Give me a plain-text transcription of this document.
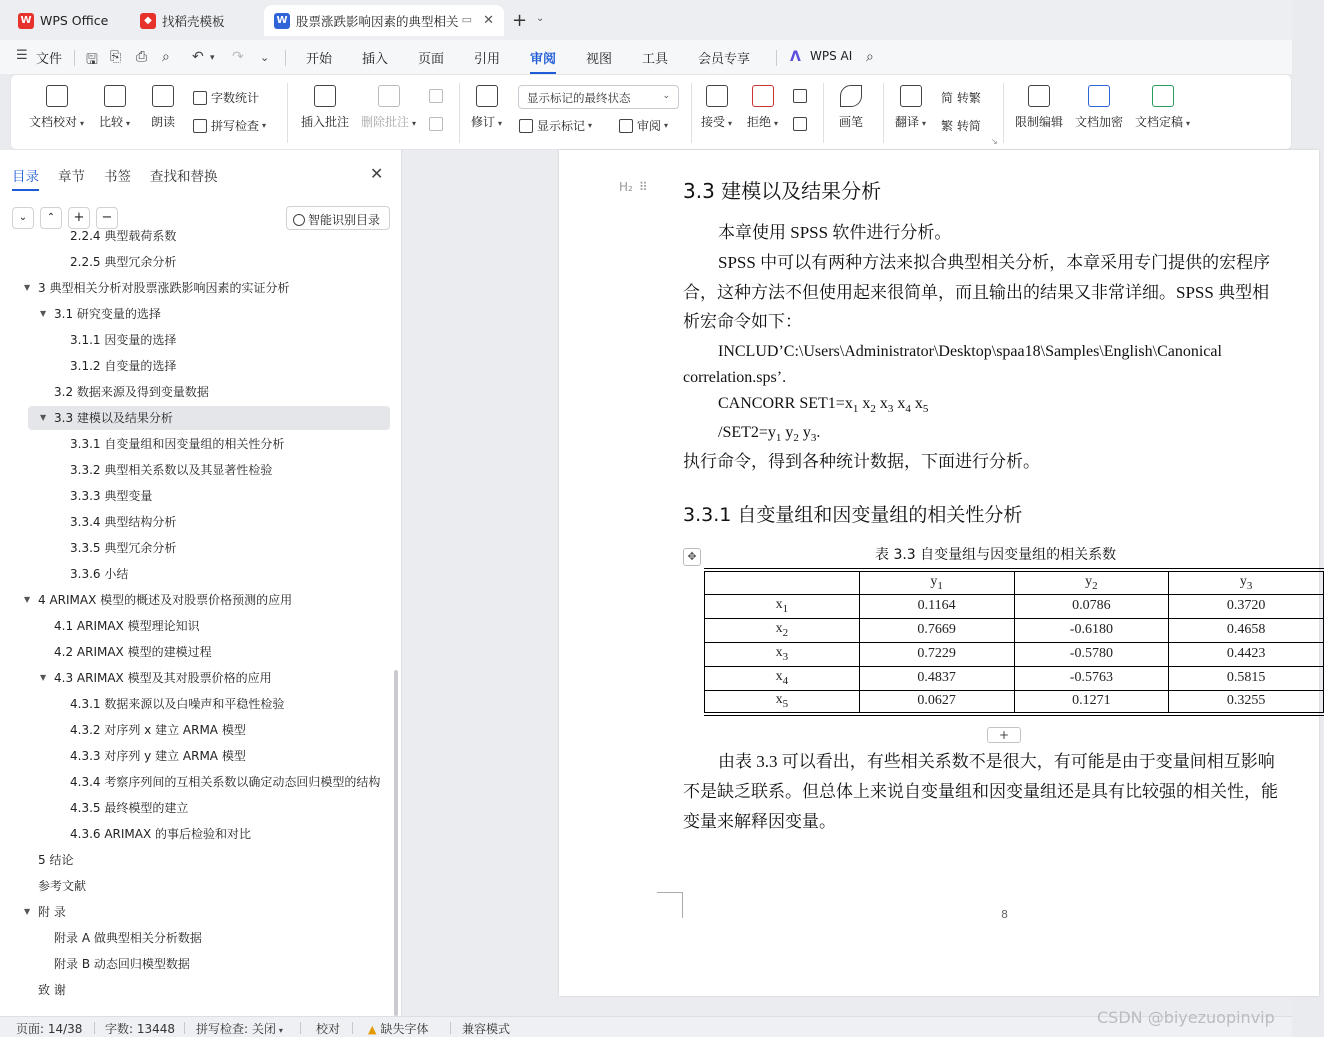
W WPS Office	◆ 找稻壳模板	W 股票涨跌影响因素的典型相关 ▭ ✕ + ⌄
☰ 文件 🖫 ⎘ ⎙ ⌕ ↶ ▾ ↷ ⌄	开始 插入 页面 引用 审阅 视图 工具 会员专享	ᐱ WPS AI ⌕
文档校对 ▾ 比较 ▾ 朗读
字数统计
拼写检查 ▾	插入批注 删除批注 ▾	修订 ▾
显示标记的最终状态	⌄
显示标记 ▾	审阅 ▾	接受 ▾ 拒绝 ▾	画笔	翻译 ▾
简 转繁
繁 转简
↘
限制编辑 文档加密 文档定稿 ▾
目录 章节 书签 查找和替换	✕
⌄	⌃	+	−	智能识别目录
2.2.4 典型载荷系数
2.2.5 典型冗余分析
▼ 3 典型相关分析对股票涨跌影响因素的实证分析
▼ 3.1 研究变量的选择
3.1.1 因变量的选择
3.1.2 自变量的选择
3.2 数据来源及得到变量数据
▼ 3.3 建模以及结果分析
3.3.1 自变量组和因变量组的相关性分析
3.3.2 典型相关系数以及其显著性检验
3.3.3 典型变量
3.3.4 典型结构分析
3.3.5 典型冗余分析
3.3.6 小结
▼ 4 ARIMAX 模型的概述及对股票价格预测的应用
4.1 ARIMAX 模型理论知识
4.2 ARIMAX 模型的建模过程
▼ 4.3 ARIMAX 模型及其对股票价格的应用
4.3.1 数据来源以及白噪声和平稳性检验
4.3.2 对序列 x 建立 ARMA 模型
4.3.3 对序列 y 建立 ARMA 模型
4.3.4 考察序列间的互相关系数以确定动态回归模型的结构
4.3.5 最终模型的建立
4.3.6 ARIMAX 的事后检验和对比
5 结论
参考文献
▼ 附 录
附录 A 做典型相关分析数据
附录 B 动态回归模型数据
致 谢
H₂ ⠿ 3.3 建模以及结果分析
本章使用 SPSS 软件进行分析。
SPSS 中可以有两种方法来拟合典型相关分析，本章采用专门提供的宏程序
合，这种方法不但使用起来很简单，而且输出的结果又非常详细。SPSS 典型相
析宏命令如下：
INCLUD’C:\Users\Administrator\Desktop\spaa18\Samples\English\Canonical
correlation.sps’.
CANCORR $SET1=x_1$ $x_2$ $x_3$ $x_4$ $x_5$
$/SET2=y_1$ $y_2$ $y_3$.
执行命令，得到各种统计数据，下面进行分析。
3.3.1 自变量组和因变量组的相关性分析
✥	表 3.3 自变量组与因变量组的相关系数
	$y_1$	$y_2$	$y_3$
$x_1$	0.1164	0.0786	0.3720
$x_2$	0.7669	-0.6180	0.4658
$x_3$	0.7229	-0.5780	0.4423
$x_4$	0.4837	-0.5763	0.5815
$x_5$	0.0627	0.1271	0.3255
+
由表 3.3 可以看出，有些相关系数不是很大，有可能是由于变量间相互影响
不是缺乏联系。但总体上来说自变量组和因变量组还是具有比较强的相关性，能
变量来解释因变量。
8
页面: 14/38 字数: 13448 拼写检查: 关闭 ▾	校对	▲ 缺失字体	兼容模式
CSDN @biyezuopinvip
